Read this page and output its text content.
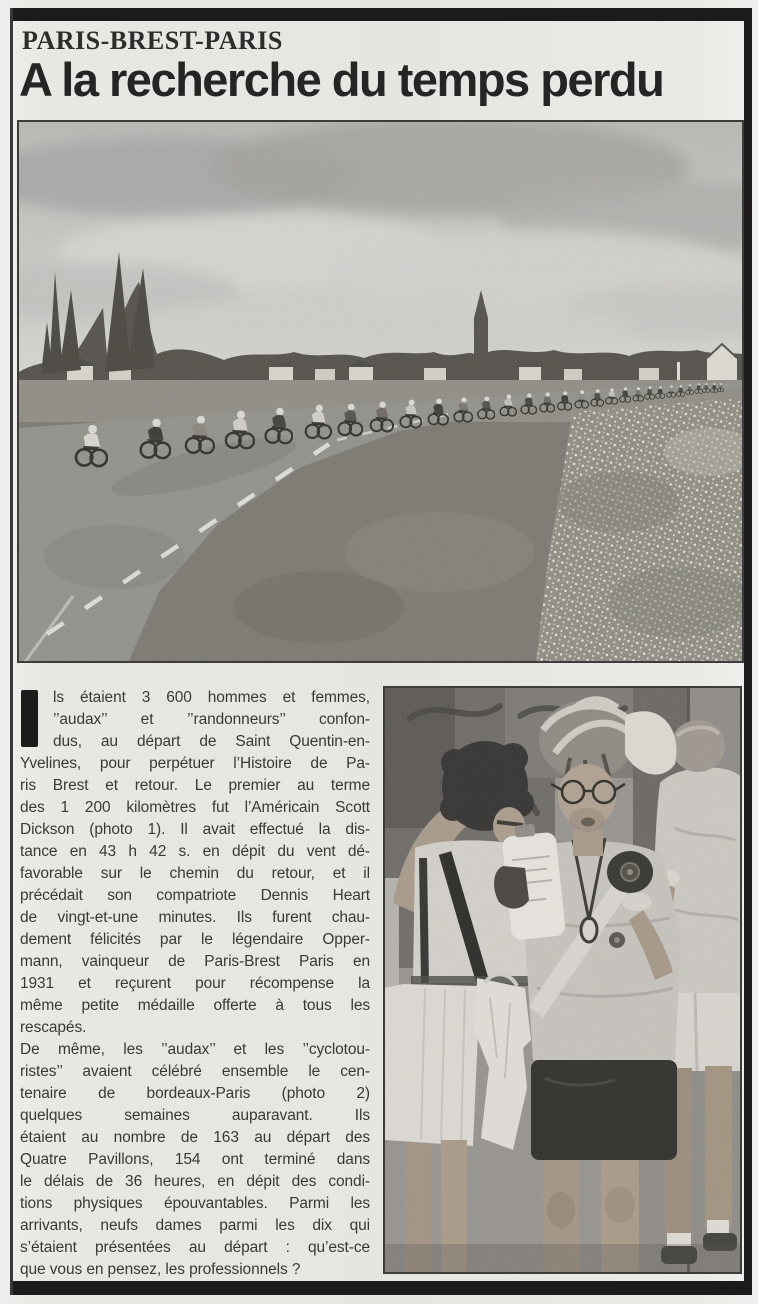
PARIS-BREST-PARIS
A la recherche du temps perdu
ls étaient 3 600 hommes et femmes,
’’audax’’ et ’’randonneurs’’ confon-
dus, au départ de Saint Quentin-en-
Yvelines, pour perpétuer l’Histoire de Pa-
ris Brest et retour. Le premier au terme
des 1 200 kilomètres fut l’Américain Scott
Dickson (photo 1). Il avait effectué la dis-
tance en 43 h 42 s. en dépit du vent dé-
favorable sur le chemin du retour, et il
précédait son compatriote Dennis Heart
de vingt-et-une minutes. Ils furent chau-
dement félicités par le légendaire Opper-
mann, vainqueur de Paris-Brest Paris en
1931 et reçurent pour récompense la
même petite médaille offerte à tous les
rescapés.
De même, les ’’audax’’ et les ’’cyclotou-
ristes’’ avaient célébré ensemble le cen-
tenaire de bordeaux-Paris (photo 2)
quelques semaines auparavant. Ils
étaient au nombre de 163 au départ des
Quatre Pavillons, 154 ont terminé dans
le délais de 36 heures, en dépit des condi-
tions physiques épouvantables. Parmi les
arrivants, neufs dames parmi les dix qui
s’étaient présentées au départ : qu’est-ce
que vous en pensez, les professionnels ?
